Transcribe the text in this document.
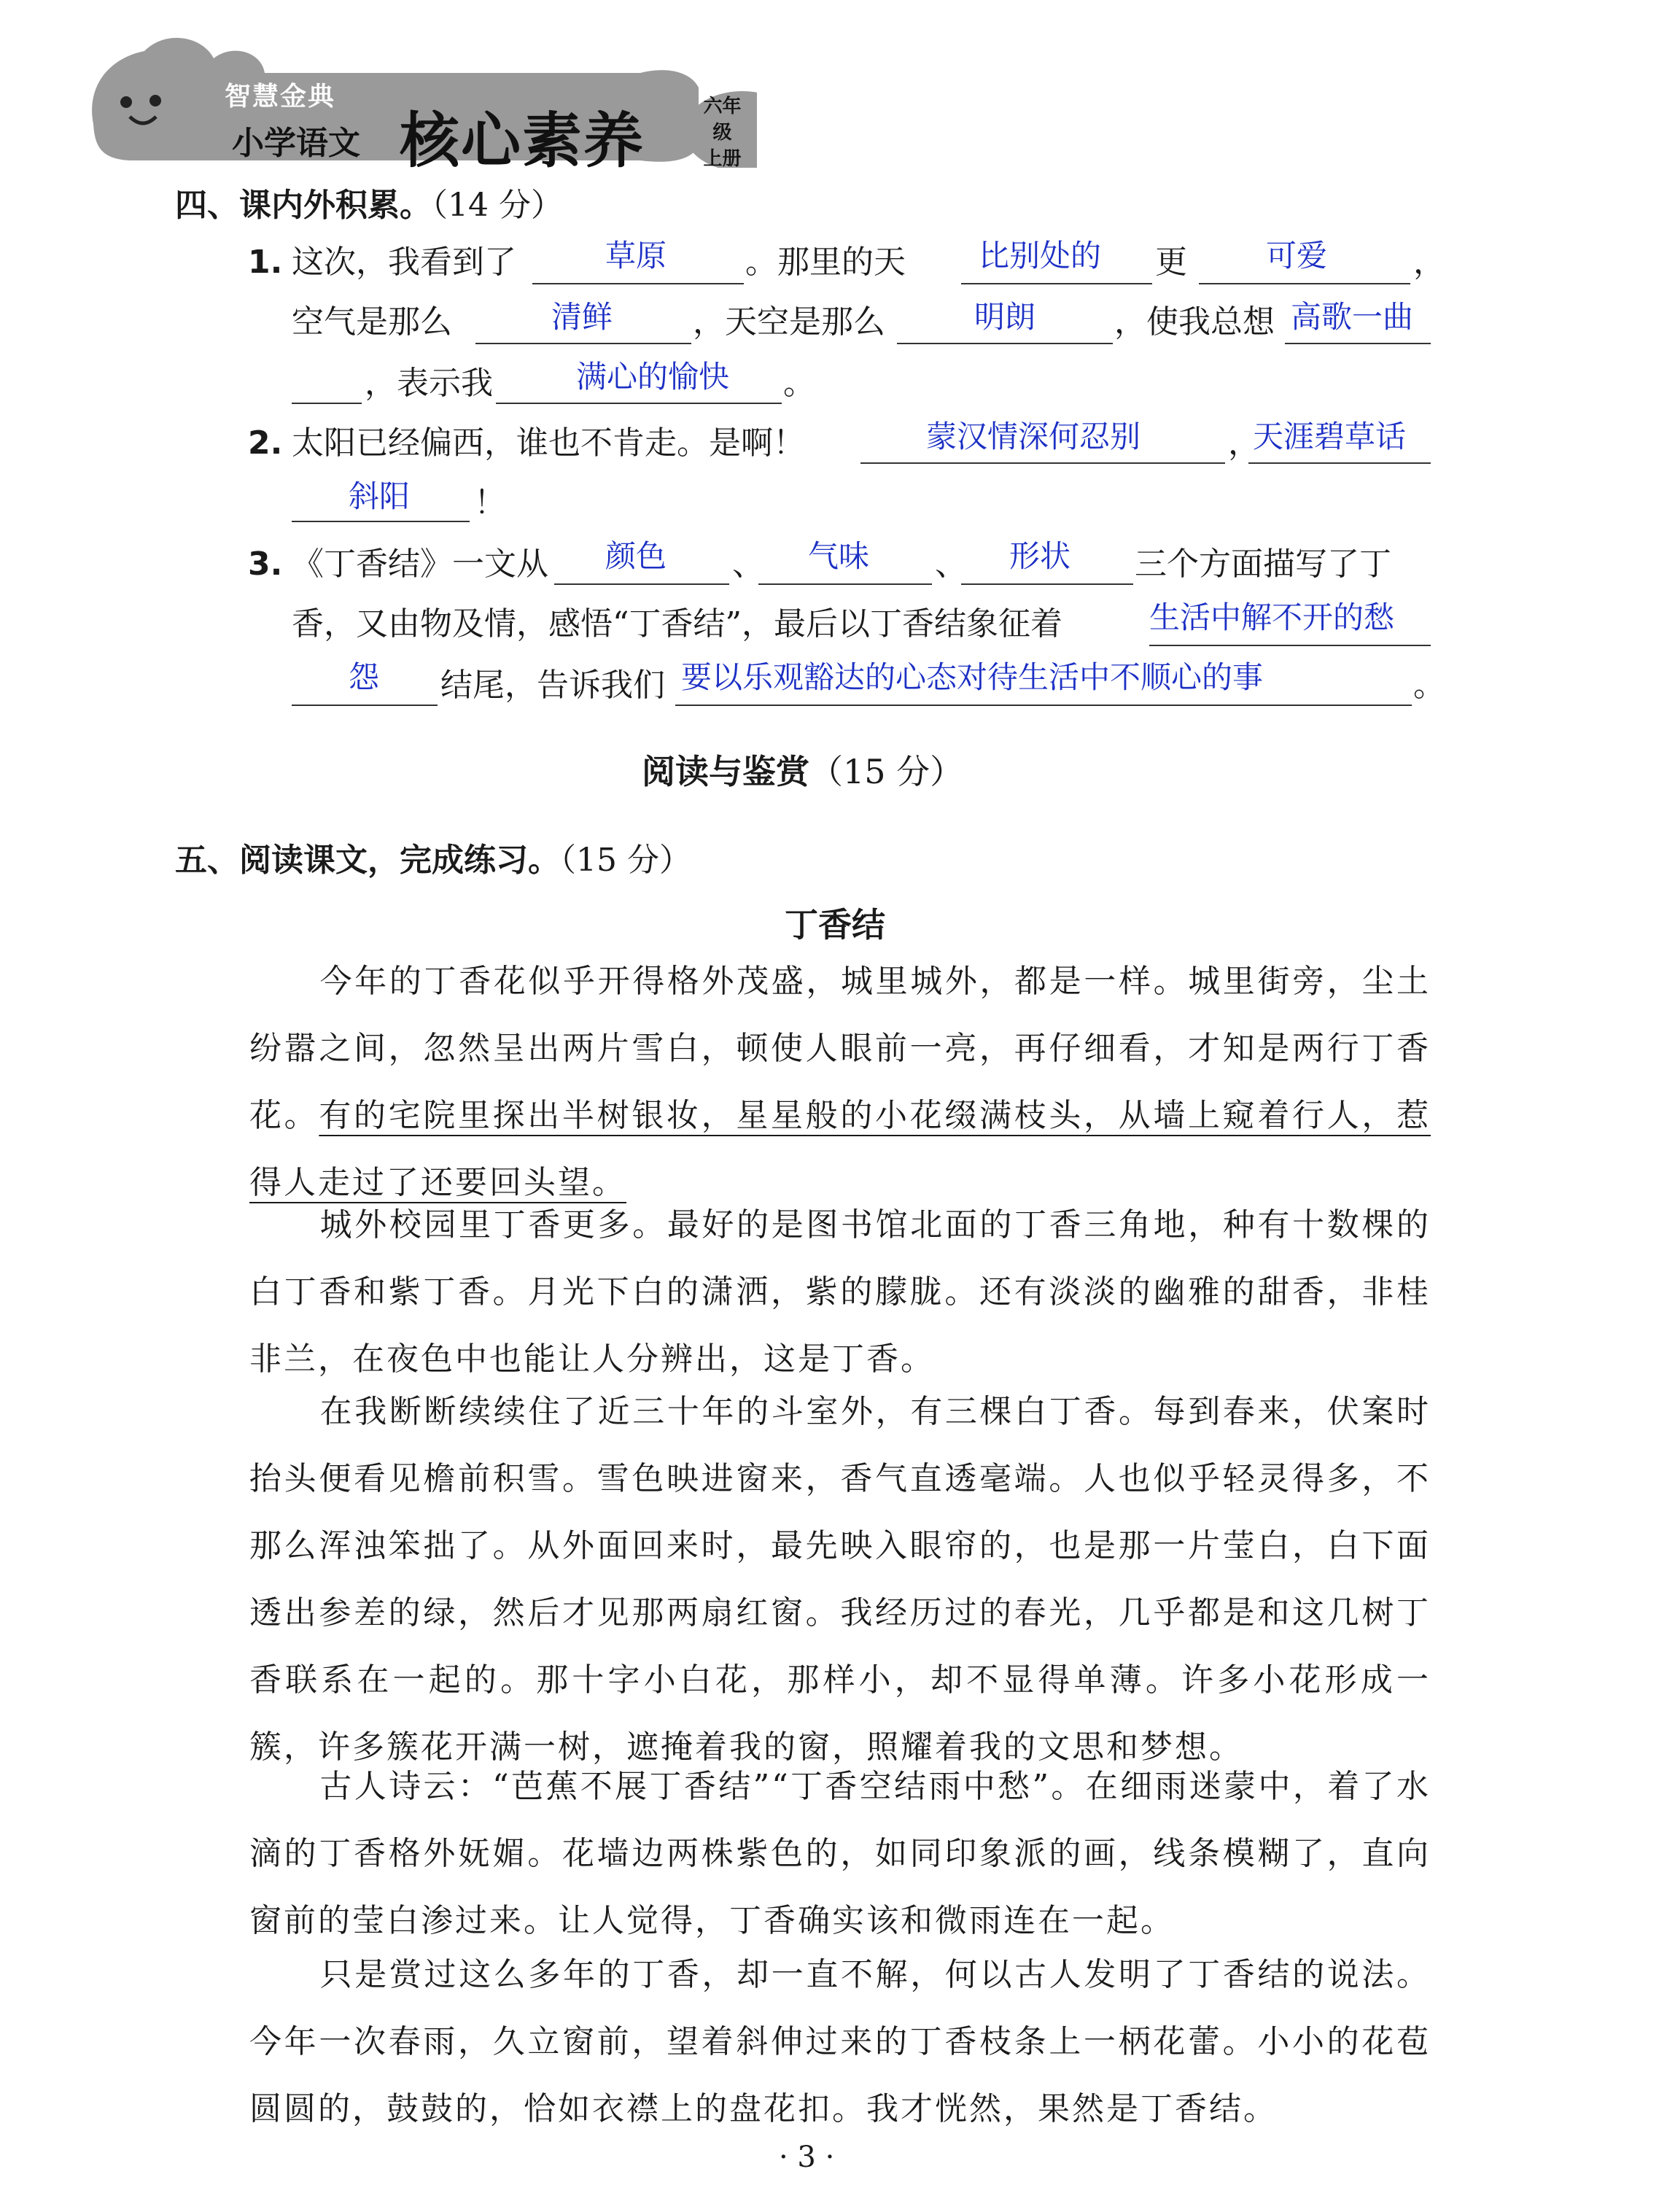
智慧金典
小学语文 核心素养	六年级
上册
四、课内外积累。（14 分）
1. 这次，我看到了	草原 。那里的天 比别处的 更	可爱	，
空气是那么	清鲜 ，天空是那么	明朗 ，使我总想 高歌一曲
，表示我	满心的愉快 。
2. 太阳已经偏西，谁也不肯走。是啊！	蒙汉情深何忍别	，
天涯碧草话
斜阳 ！
3. 《丁香结》一文从 颜色 、 气味 、 形状 三个方面描写了丁
香，又由物及情，感悟“丁香结”，最后以丁香结象征着	生活中解不开的愁
怨 结尾，告诉我们 要以乐观豁达的心态对待生活中不顺心的事	。
阅读与鉴赏（15 分）
五、阅读课文，完成练习。（15 分）
丁香结
今年的丁香花似乎开得格外茂盛，城里城外，都是一样。城里街旁，尘土纷嚣之间，忽然呈出两片雪白，顿使人眼前一亮，再仔细看，才知是两行丁香花。有的宅院里探出半树银妆，星星般的小花缀满枝头，从墙上窥着行人，惹得人走过了还要回头望。
城外校园里丁香更多。最好的是图书馆北面的丁香三角地，种有十数棵的白丁香和紫丁香。月光下白的潇洒，紫的朦胧。还有淡淡的幽雅的甜香，非桂非兰，在夜色中也能让人分辨出，这是丁香。
在我断断续续住了近三十年的斗室外，有三棵白丁香。每到春来，伏案时抬头便看见檐前积雪。雪色映进窗来，香气直透毫端。人也似乎轻灵得多，不那么浑浊笨拙了。从外面回来时，最先映入眼帘的，也是那一片莹白，白下面透出参差的绿，然后才见那两扇红窗。我经历过的春光，几乎都是和这几树丁香联系在一起的。那十字小白花，那样小，却不显得单薄。许多小花形成一簇，许多簇花开满一树，遮掩着我的窗，照耀着我的文思和梦想。
古人诗云：“芭蕉不展丁香结”“丁香空结雨中愁”。在细雨迷蒙中，着了水滴的丁香格外妩媚。花墙边两株紫色的，如同印象派的画，线条模糊了，直向窗前的莹白渗过来。让人觉得，丁香确实该和微雨连在一起。
只是赏过这么多年的丁香，却一直不解，何以古人发明了丁香结的说法。今年一次春雨，久立窗前，望着斜伸过来的丁香枝条上一柄花蕾。小小的花苞圆圆的，鼓鼓的，恰如衣襟上的盘花扣。我才恍然，果然是丁香结。
· 3 ·
